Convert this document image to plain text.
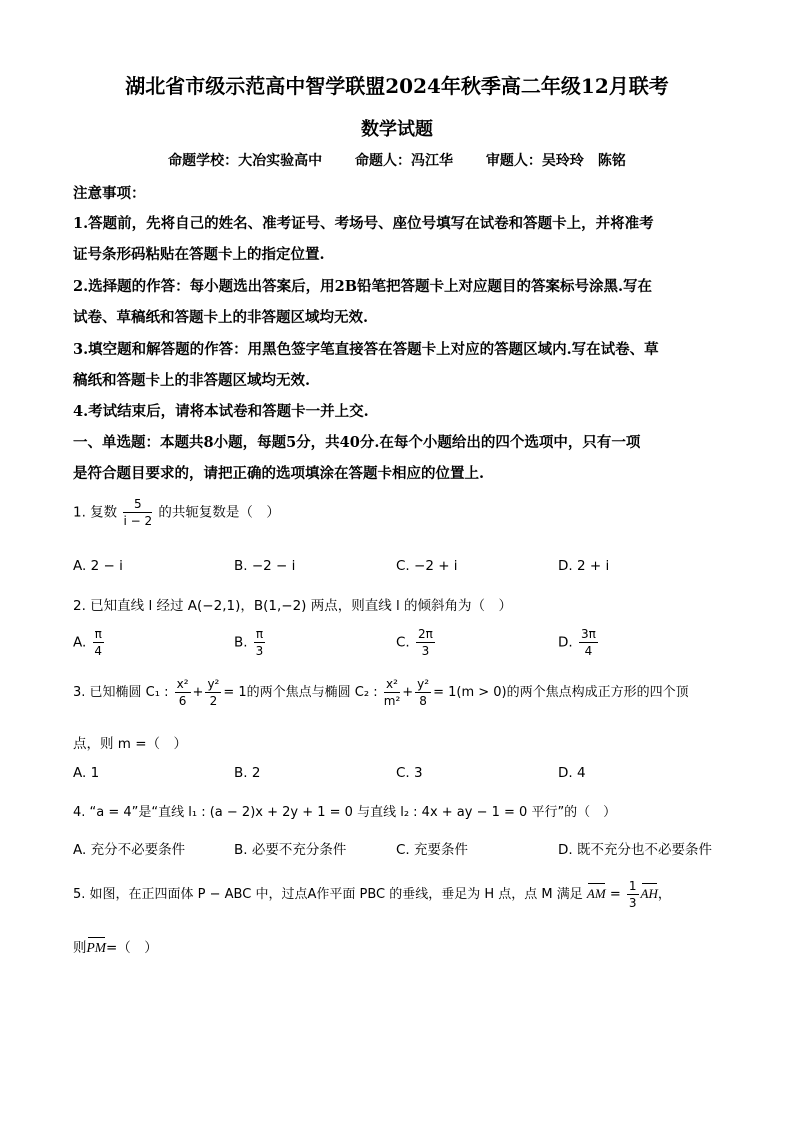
湖北省市级示范高中智学联盟2024年秋季高二年级12月联考
数学试题
命题学校：大冶实验高中 命题人：冯江华 审题人：吴玲玲　陈铭
注意事项：
1.答题前，先将自己的姓名、准考证号、考场号、座位号填写在试卷和答题卡上，并将准考
证号条形码粘贴在答题卡上的指定位置.
2.选择题的作答：每小题选出答案后，用2B铅笔把答题卡上对应题目的答案标号涂黑.写在
试卷、草稿纸和答题卡上的非答题区域均无效.
3.填空题和解答题的作答：用黑色签字笔直接答在答题卡上对应的答题区域内.写在试卷、草
稿纸和答题卡上的非答题区域均无效.
4.考试结束后，请将本试卷和答题卡一并上交.
一、单选题：本题共8小题，每题5分，共40分.在每个小题给出的四个选项中，只有一项
是符合题目要求的，请把正确的选项填涂在答题卡相应的位置上.
1. 复数 $\frac{5}{i - 2}$ 的共轭复数是（　）
A. 2 − i	B. −2 − i	C. −2 + i	D. 2 + i
2. 已知直线 l 经过 A(−2,1)，B(1,−2) 两点，则直线 l 的倾斜角为（　）
A. $\frac{\pi}{4}$	B. $\frac{\pi}{3}$	C. $\frac{2\pi}{3}$	D. $\frac{3\pi}{4}$
3. 已知椭圆 C₁ : $\frac{\text{x²}}{6} + \frac{\text{y²}}{2} = 1$的两个焦点与椭圆 C₂ : $\frac{\text{x²}}{\text{m²}} + \frac{\text{y²}}{8} = 1(m > 0)$的两个焦点构成正方形的四个顶
点，则 m =（　）
A. 1	B. 2	C. 3	D. 4
4. “a = 4”是“直线 l₁ : (a − 2)x + 2y + 1 = 0 与直线 l₂ : 4x + ay − 1 = 0 平行”的（　）
A. 充分不必要条件	B. 必要不充分条件	C. 充要条件	D. 既不充分也不必要条件
5. 如图，在正四面体 P − ABC 中，过点A作平面 PBC 的垂线，垂足为 H 点，点 M 满足 AM = $\frac{1}{3}$ AH，
则PM=（　）
